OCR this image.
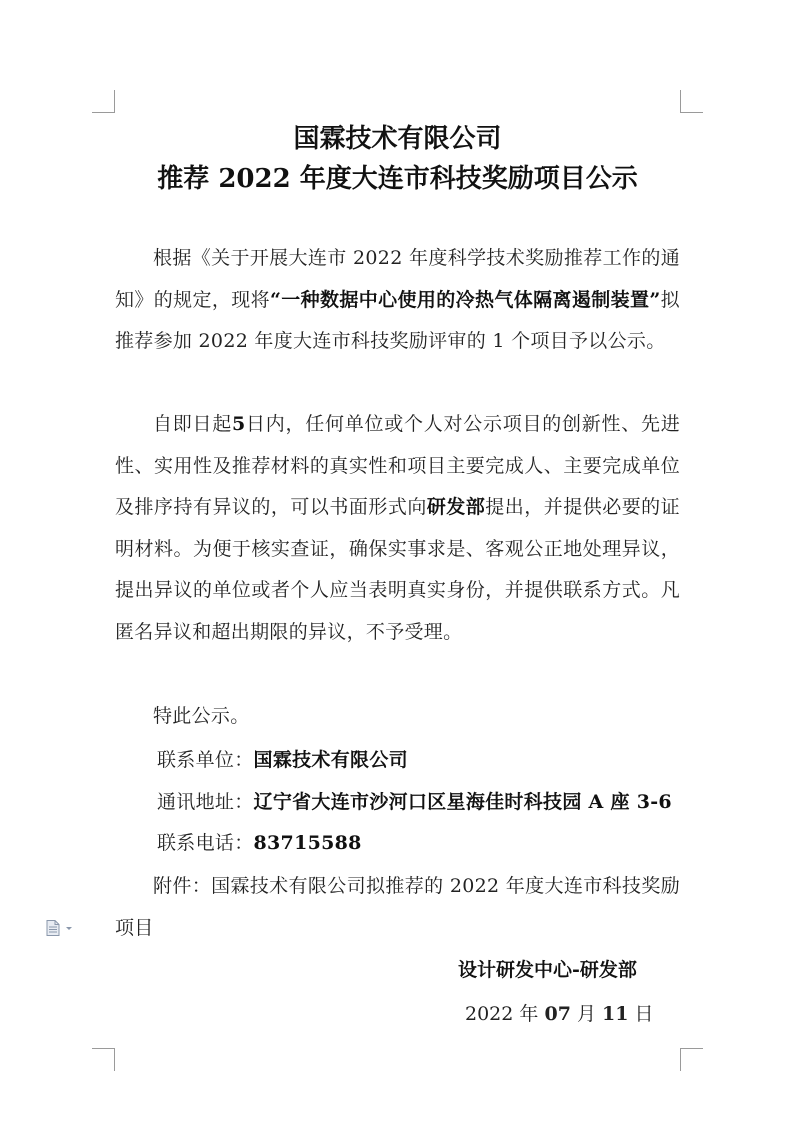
国霖技术有限公司
推荐 2022 年度大连市科技奖励项目公示

根据《关于开展大连市 2022 年度科学技术奖励推荐工作的通知》的规定，现将“一种数据中心使用的冷热气体隔离遏制装置”拟推荐参加 2022 年度大连市科技奖励评审的 1 个项目予以公示。

自即日起5日内，任何单位或个人对公示项目的创新性、先进性、实用性及推荐材料的真实性和项目主要完成人、主要完成单位及排序持有异议的，可以书面形式向研发部提出，并提供必要的证明材料。为便于核实查证，确保实事求是、客观公正地处理异议，提出异议的单位或者个人应当表明真实身份，并提供联系方式。凡匿名异议和超出期限的异议，不予受理。

特此公示。

联系单位：国霖技术有限公司

通讯地址：辽宁省大连市沙河口区星海佳时科技园 A 座 3-6

联系电话：83715588

附件：国霖技术有限公司拟推荐的 2022 年度大连市科技奖励项目

设计研发中心-研发部
2022 年 07 月 11 日
